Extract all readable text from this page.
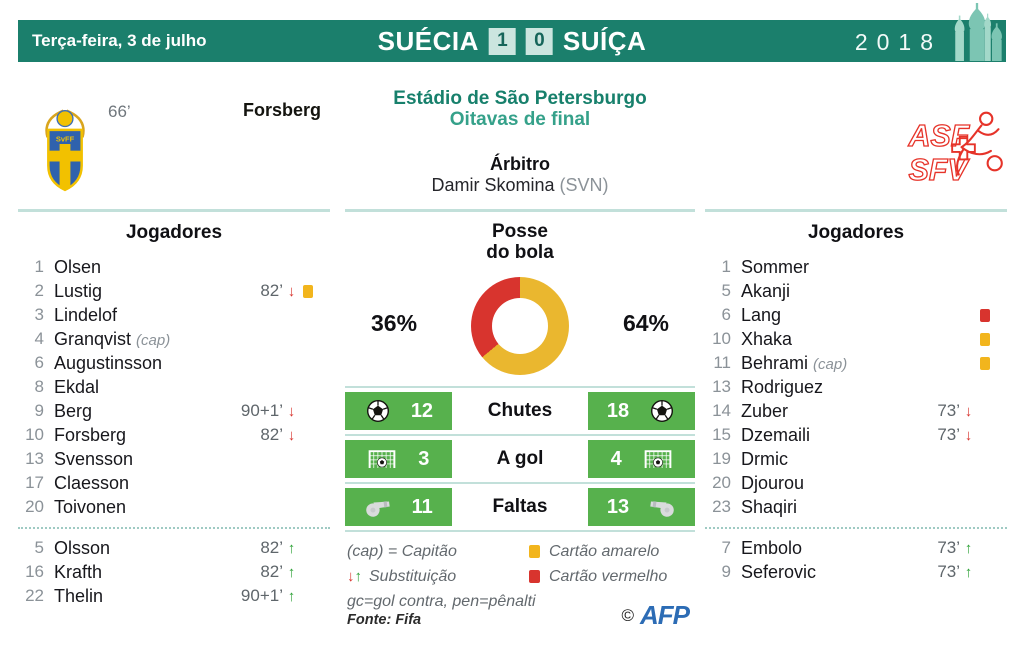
Terça-feira, 3 de julho	SUÉCIA 1	0 SUÍÇA	2018
SvFF
66’	Forsberg
ASF
SFV
Estádio de São Petersburgo
Oitavas de final
Árbitro
Damir Skomina (SVN)
Jogadores
1 Olsen
2 Lustig	82’ ↓
3 Lindelof
4 Granqvist (cap)
6 Augustinsson
8 Ekdal
9 Berg	90+1’ ↓
10 Forsberg	82’ ↓
13 Svensson
17 Claesson
20 Toivonen
5 Olsson	82’ ↑
16 Krafth	82’ ↑
22 Thelin	90+1’ ↑
Jogadores
1 Sommer
5 Akanji
6 Lang
10 Xhaka
11 Behrami (cap)
13 Rodriguez
14 Zuber	73’ ↓
15 Dzemaili	73’ ↓
19 Drmic
20 Djourou
23 Shaqiri
7 Embolo	73’ ↑
9 Seferovic	73’ ↑
Posse
do bola
36%	64%
12	Chutes	18
3	A gol	4
11	Faltas	13
(cap) = Capitão	Cartão amarelo
↓ ↑ Substituição	Cartão vermelho
gc=gol contra, pen=pênalti
Fonte: Fifa	© AFP
